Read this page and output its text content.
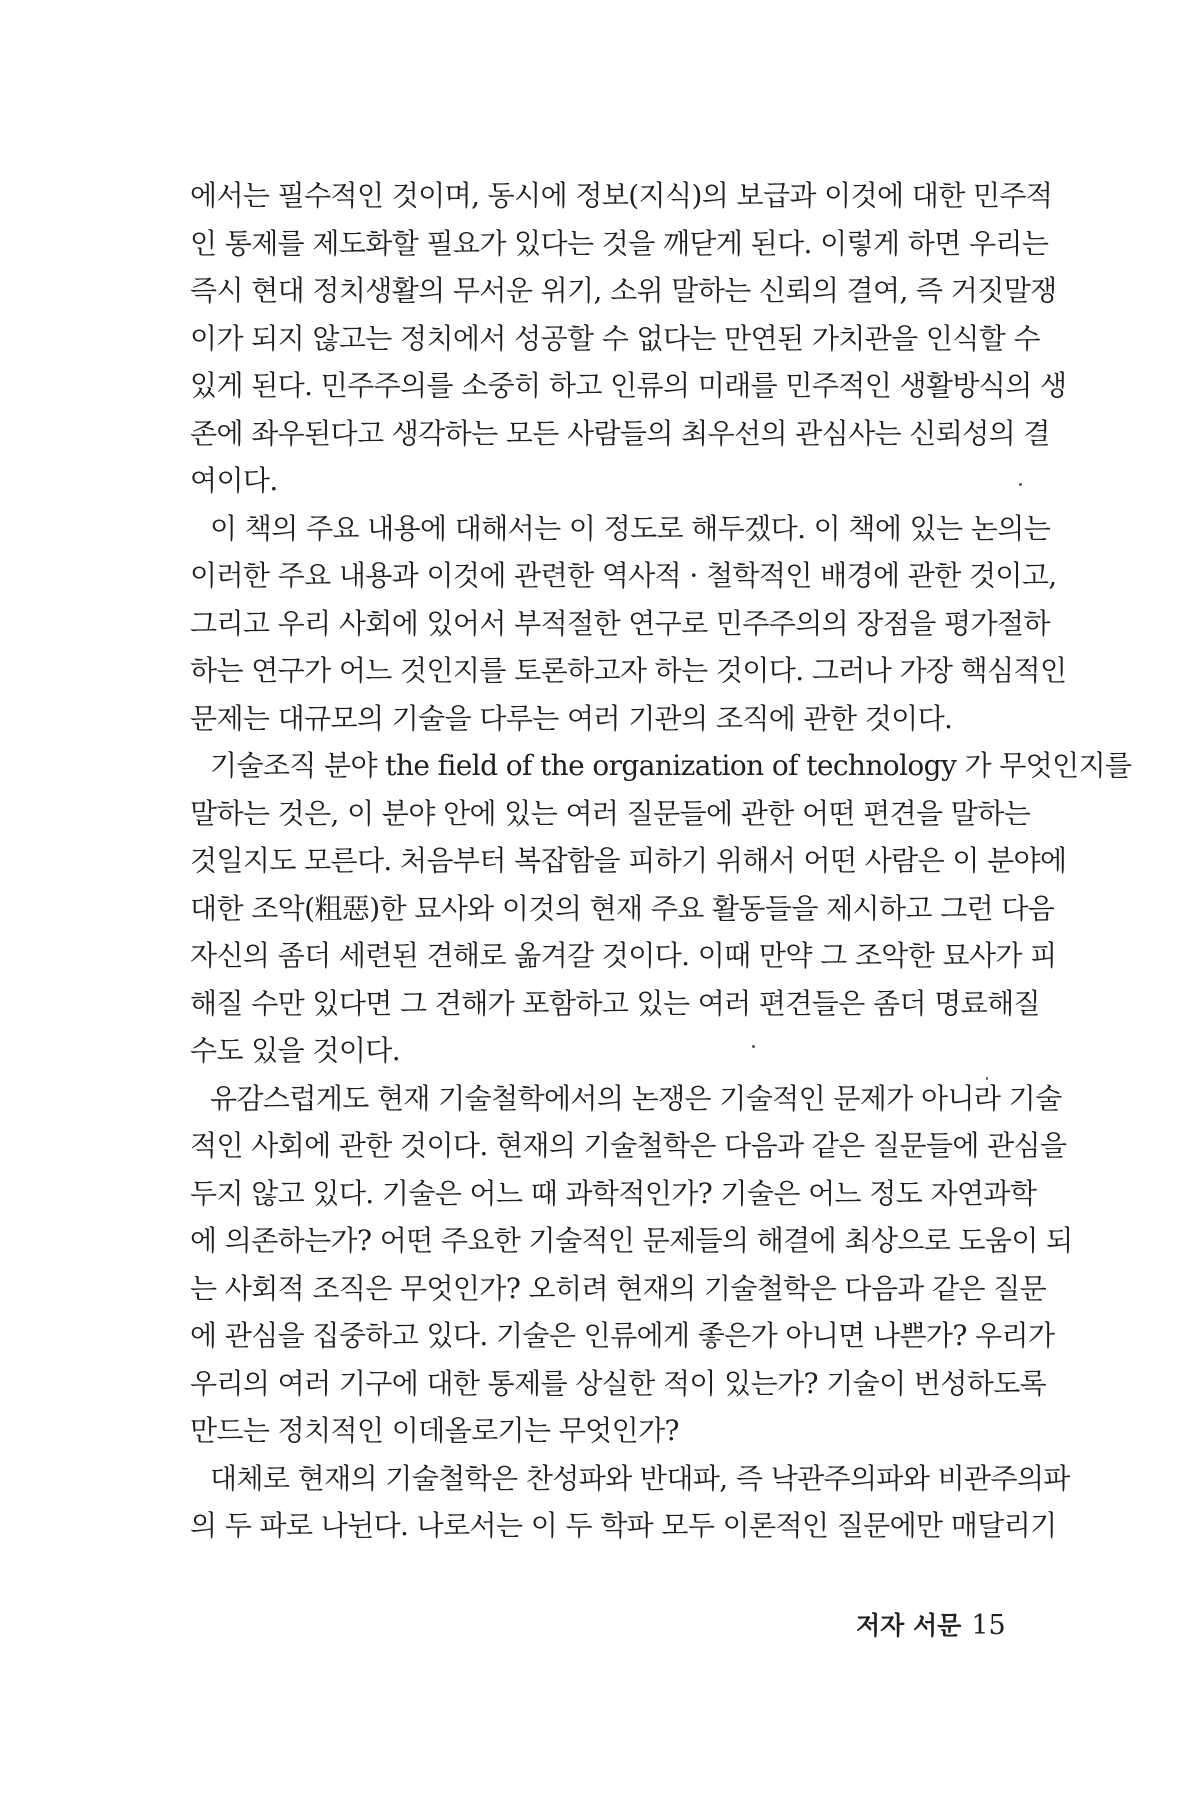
에서는 필수적인 것이며, 동시에 정보(지식)의 보급과 이것에 대한 민주적
인 통제를 제도화할 필요가 있다는 것을 깨닫게 된다. 이렇게 하면 우리는
즉시 현대 정치생활의 무서운 위기, 소위 말하는 신뢰의 결여, 즉 거짓말쟁
이가 되지 않고는 정치에서 성공할 수 없다는 만연된 가치관을 인식할 수
있게 된다. 민주주의를 소중히 하고 인류의 미래를 민주적인 생활방식의 생
존에 좌우된다고 생각하는 모든 사람들의 최우선의 관심사는 신뢰성의 결
여이다.
이 책의 주요 내용에 대해서는 이 정도로 해두겠다. 이 책에 있는 논의는
이러한 주요 내용과 이것에 관련한 역사적 · 철학적인 배경에 관한 것이고,
그리고 우리 사회에 있어서 부적절한 연구로 민주주의의 장점을 평가절하
하는 연구가 어느 것인지를 토론하고자 하는 것이다. 그러나 가장 핵심적인
문제는 대규모의 기술을 다루는 여러 기관의 조직에 관한 것이다.
기술조직 분야 the field of the organization of technology 가 무엇인지를
말하는 것은, 이 분야 안에 있는 여러 질문들에 관한 어떤 편견을 말하는
것일지도 모른다. 처음부터 복잡함을 피하기 위해서 어떤 사람은 이 분야에
대한 조악(粗惡)한 묘사와 이것의 현재 주요 활동들을 제시하고 그런 다음
자신의 좀더 세련된 견해로 옮겨갈 것이다. 이때 만약 그 조악한 묘사가 피
해질 수만 있다면 그 견해가 포함하고 있는 여러 편견들은 좀더 명료해질
수도 있을 것이다.
유감스럽게도 현재 기술철학에서의 논쟁은 기술적인 문제가 아니라 기술
적인 사회에 관한 것이다. 현재의 기술철학은 다음과 같은 질문들에 관심을
두지 않고 있다. 기술은 어느 때 과학적인가? 기술은 어느 정도 자연과학
에 의존하는가? 어떤 주요한 기술적인 문제들의 해결에 최상으로 도움이 되
는 사회적 조직은 무엇인가? 오히려 현재의 기술철학은 다음과 같은 질문
에 관심을 집중하고 있다. 기술은 인류에게 좋은가 아니면 나쁜가? 우리가
우리의 여러 기구에 대한 통제를 상실한 적이 있는가? 기술이 번성하도록
만드는 정치적인 이데올로기는 무엇인가?
대체로 현재의 기술철학은 찬성파와 반대파, 즉 낙관주의파와 비관주의파
의 두 파로 나뉜다. 나로서는 이 두 학파 모두 이론적인 질문에만 매달리기
저자 서문 15
